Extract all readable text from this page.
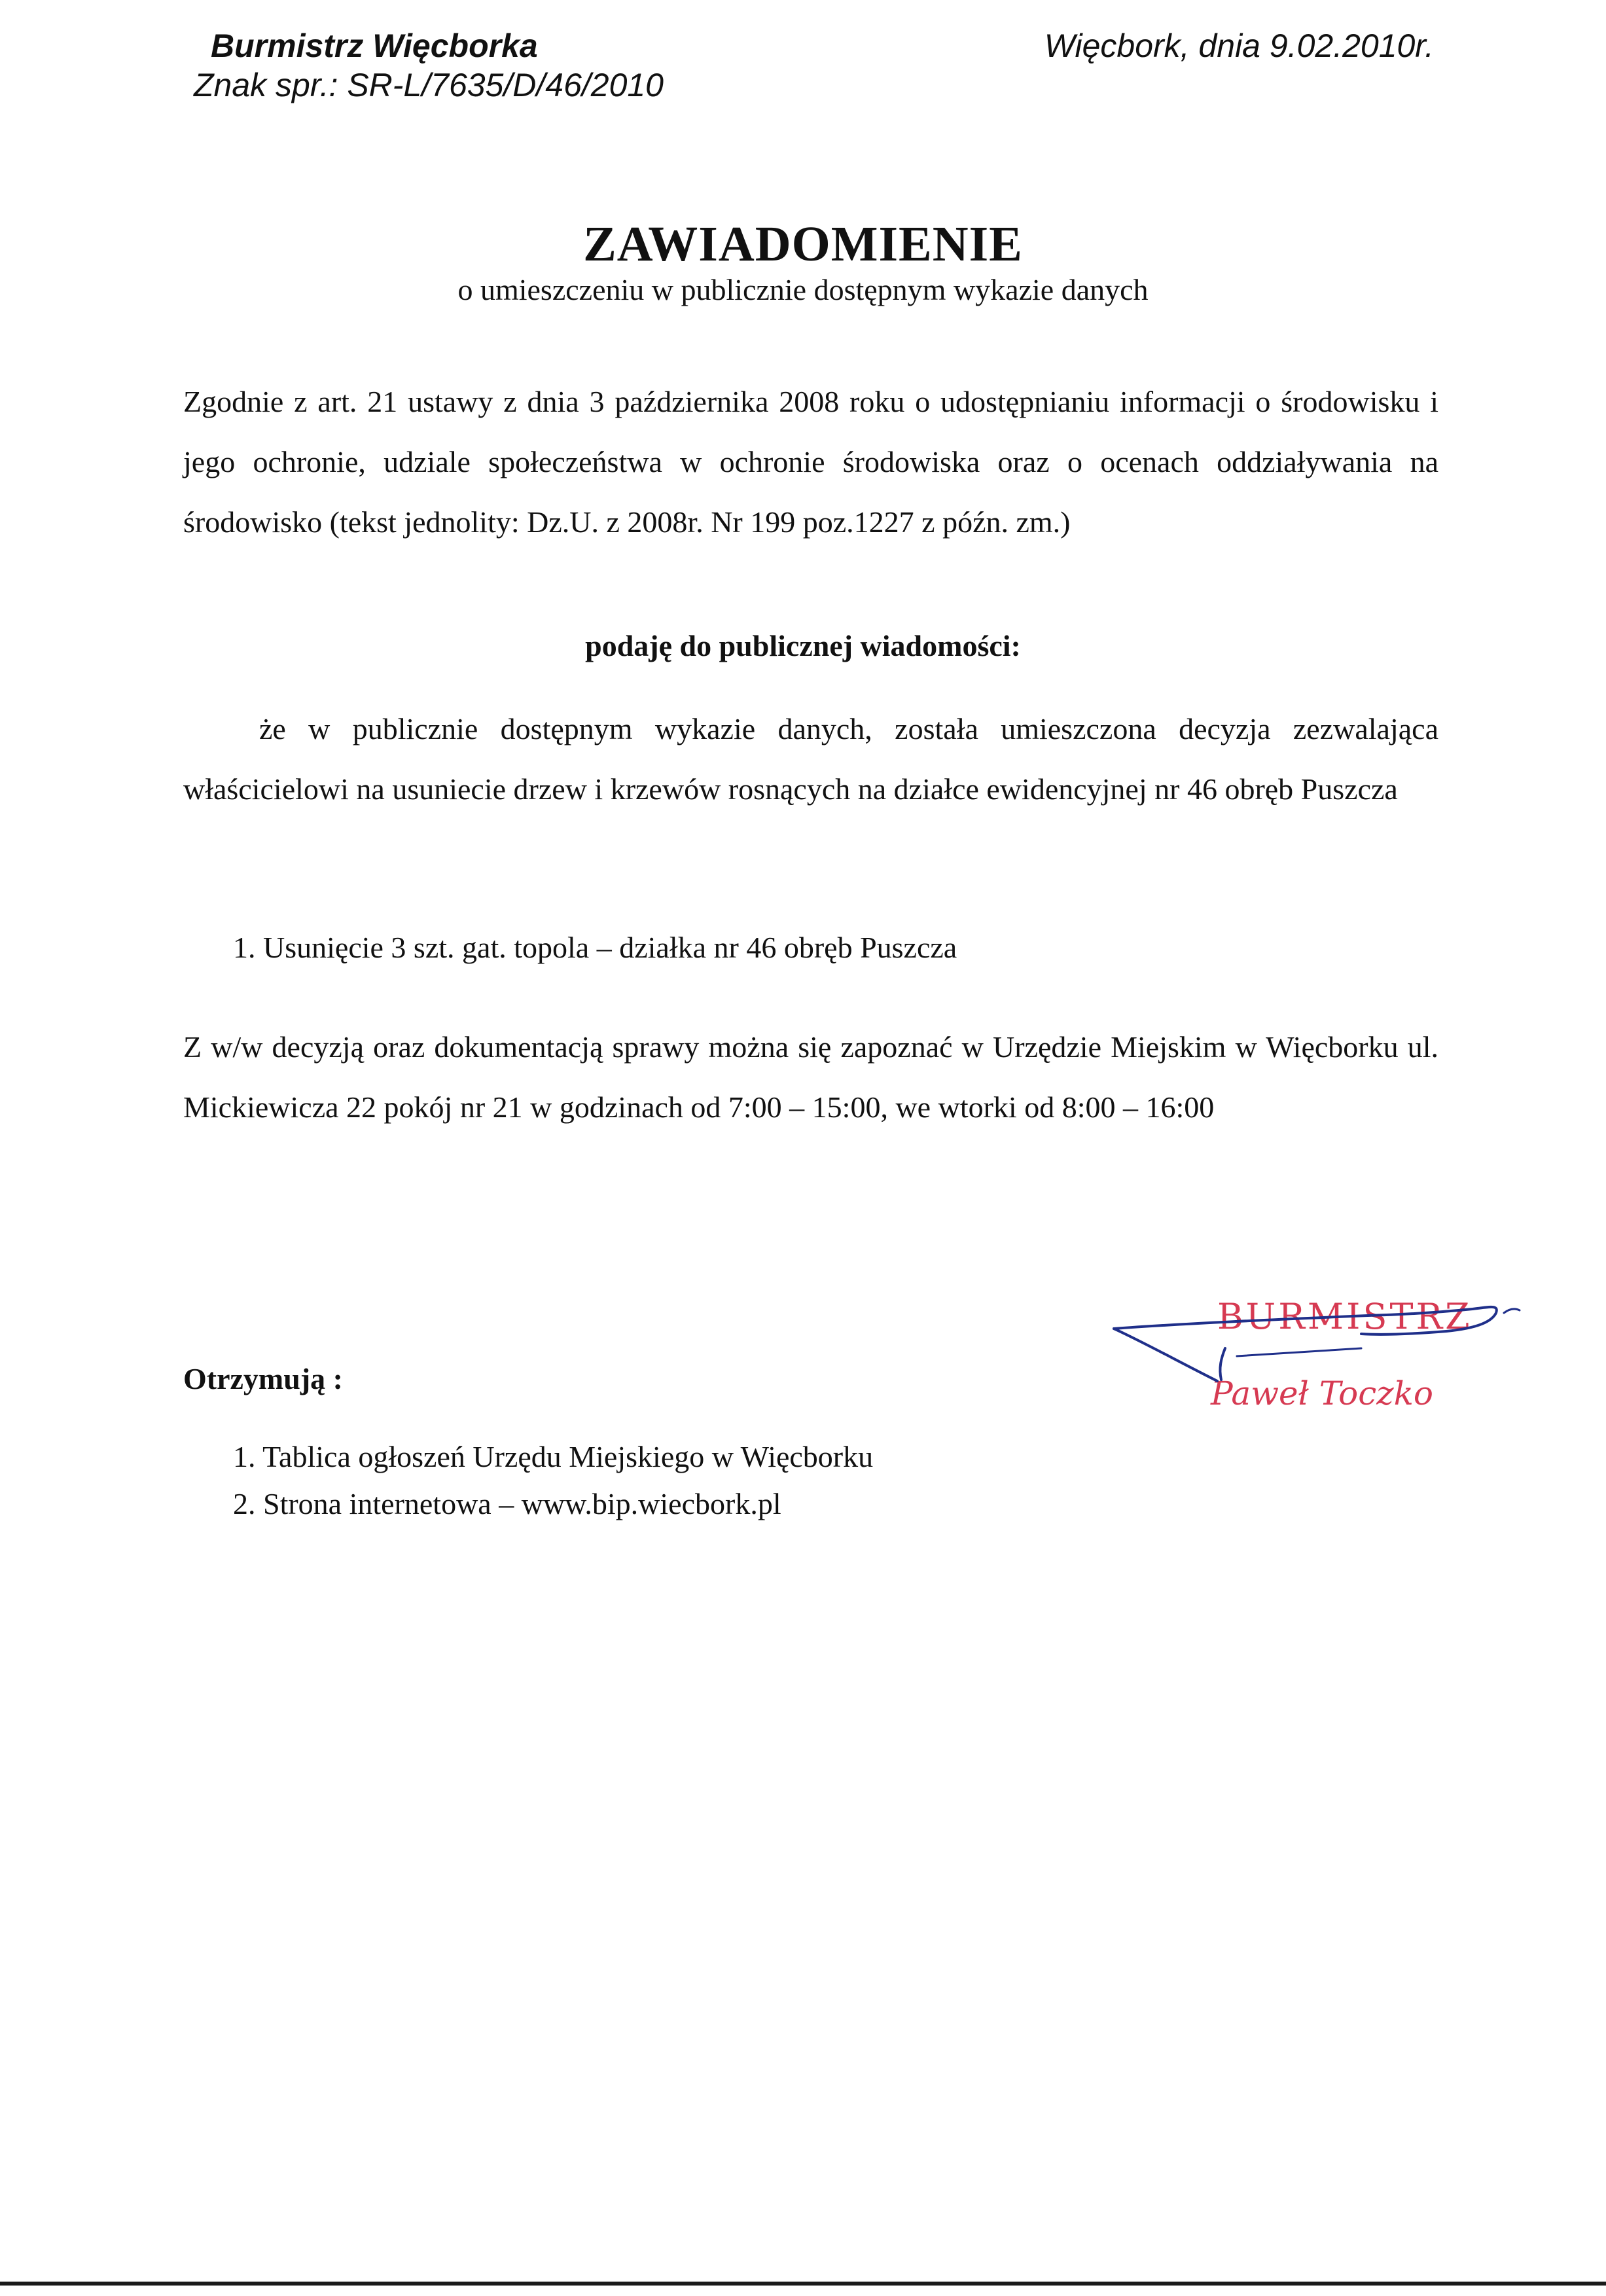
Burmistrz Więcborka
Znak spr.: SR-L/7635/D/46/2010
Więcbork, dnia 9.02.2010r.
ZAWIADOMIENIE
o umieszczeniu w publicznie dostępnym wykazie danych
Zgodnie z art. 21 ustawy z dnia 3 października 2008 roku o udostępnianiu informacji o środowisku i jego ochronie, udziale społeczeństwa w ochronie środowiska oraz o ocenach oddziaływania na środowisko (tekst jednolity: Dz.U. z 2008r. Nr 199 poz.1227 z późn. zm.)
podaję do publicznej wiadomości:
że w publicznie dostępnym wykazie danych, została umieszczona decyzja zezwalająca właścicielowi na usuniecie drzew i krzewów rosnących na działce ewidencyjnej nr 46 obręb Puszcza
1. Usunięcie 3 szt. gat. topola – działka nr 46 obręb Puszcza
Z w/w decyzją oraz dokumentacją sprawy można się zapoznać w Urzędzie Miejskim w Więcborku ul. Mickiewicza 22 pokój nr 21 w godzinach od 7:00 – 15:00, we wtorki od 8:00 – 16:00
BURMISTRZ
Paweł Toczko
Otrzymują :
1. Tablica ogłoszeń Urzędu Miejskiego w Więcborku
2. Strona internetowa – www.bip.wiecbork.pl
